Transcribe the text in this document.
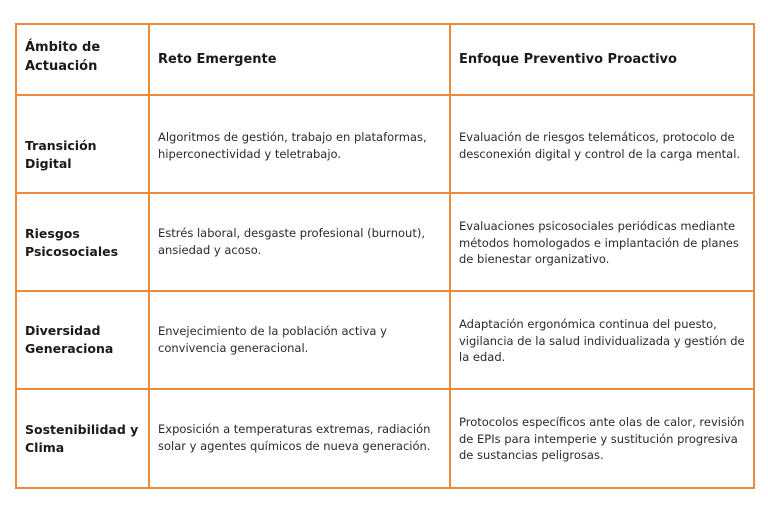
Ámbito de Actuación	Reto Emergente	Enfoque Preventivo Proactivo

Transición Digital	Algoritmos de gestión, trabajo en plataformas, hiperconectividad y teletrabajo.	Evaluación de riesgos telemáticos, protocolo de desconexión digital y control de la carga mental.

Riesgos Psicosociales	Estrés laboral, desgaste profesional (burnout), ansiedad y acoso.	Evaluaciones psicosociales periódicas mediante métodos homologados e implantación de planes de bienestar organizativo.

Diversidad Generaciona	Envejecimiento de la población activa y convivencia generacional.	Adaptación ergonómica continua del puesto, vigilancia de la salud individualizada y gestión de la edad.

Sostenibilidad y Clima	Exposición a temperaturas extremas, radiación solar y agentes químicos de nueva generación.	Protocolos específicos ante olas de calor, revisión de EPIs para intemperie y sustitución progresiva de sustancias peligrosas.
